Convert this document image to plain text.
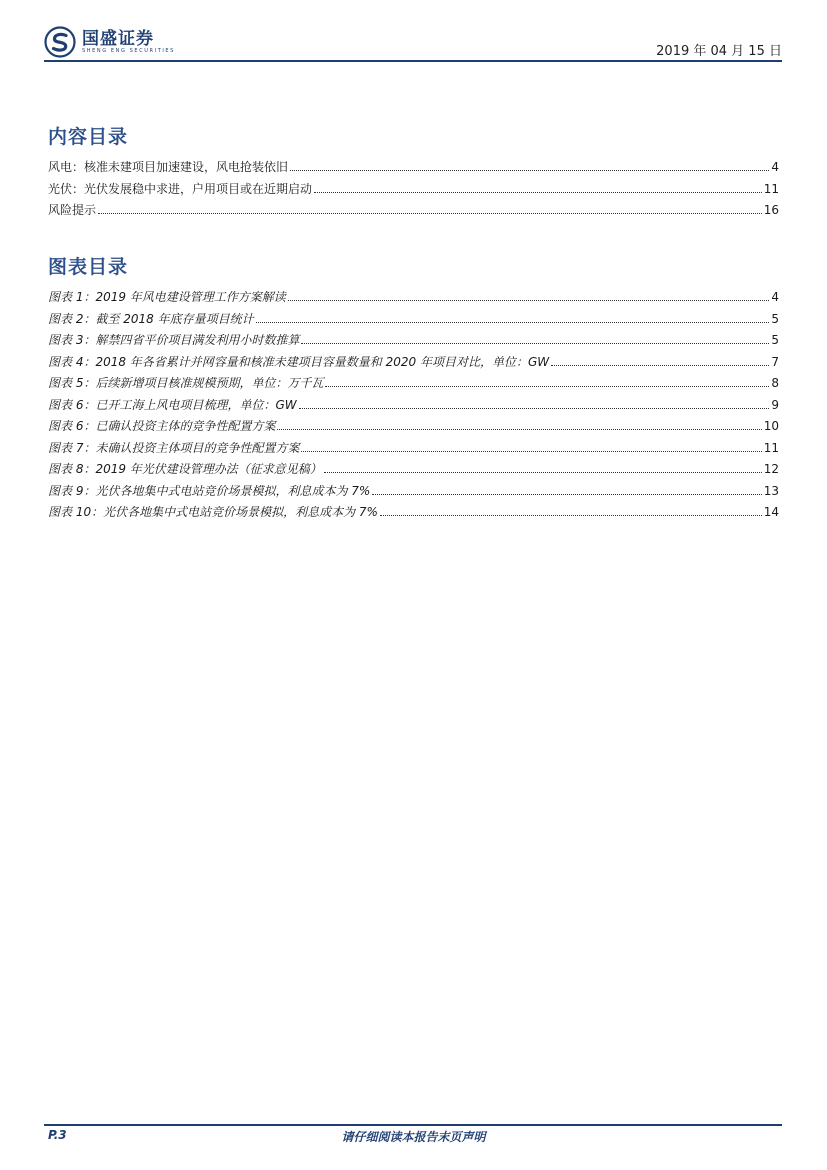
国盛证券
SHENG ENG SECURITIES	2019 年 04 月 15 日
内容目录
风电：核准未建项目加速建设，风电抢装依旧	4
光伏：光伏发展稳中求进，户用项目或在近期启动	11
风险提示	16
图表目录
图表 1：2019 年风电建设管理工作方案解读	4
图表 2：截至 2018 年底存量项目统计	5
图表 3：解禁四省平价项目满发利用小时数推算	5
图表 4：2018 年各省累计并网容量和核准未建项目容量数量和 2020 年项目对比，单位：GW	7
图表 5：后续新增项目核准规模预期，单位：万千瓦	8
图表 6：已开工海上风电项目梳理，单位：GW	9
图表 6：已确认投资主体的竞争性配置方案	10
图表 7：未确认投资主体项目的竞争性配置方案	11
图表 8：2019 年光伏建设管理办法（征求意见稿）	12
图表 9：光伏各地集中式电站竞价场景模拟，利息成本为 7%	13
图表 10：光伏各地集中式电站竞价场景模拟，利息成本为 7%	14
P.3	请仔细阅读本报告末页声明
